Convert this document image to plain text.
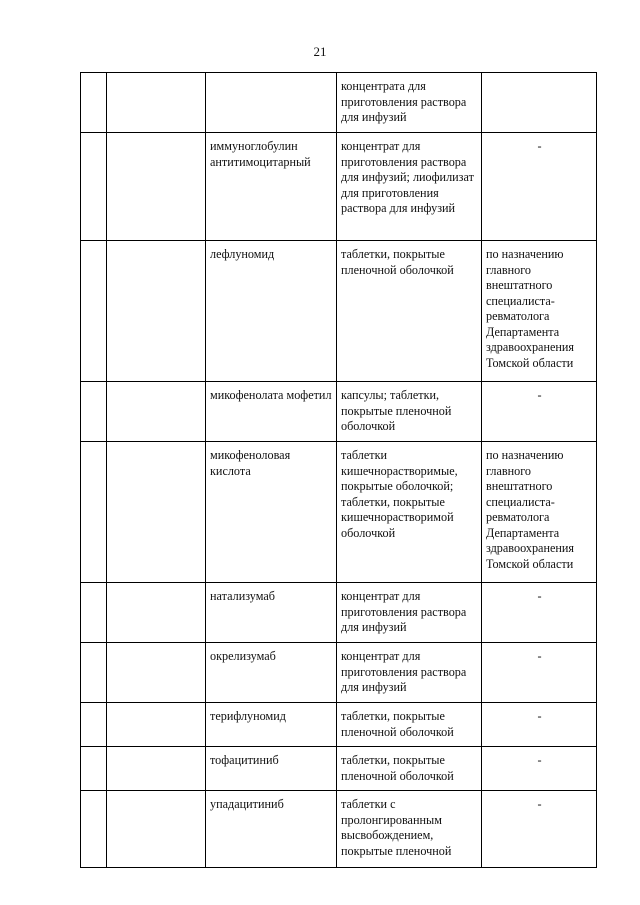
21
			концентрата для приготовления раствора для инфузий	
		иммуноглобулин антитимоцитарный	концентрат для приготовления раствора для инфузий; лиофилизат для приготовления раствора для инфузий	-
		лефлуномид	таблетки, покрытые пленочной оболочкой	по назначению главного внештатного специалиста-ревматолога Департамента здравоохранения Томской области
		микофенолата мофетил	капсулы; таблетки, покрытые пленочной оболочкой	-
		микофеноловая кислота	таблетки кишечнорастворимые, покрытые оболочкой; таблетки, покрытые кишечнорастворимой оболочкой	по назначению главного внештатного специалиста-ревматолога Департамента здравоохранения Томской области
		натализумаб	концентрат для приготовления раствора для инфузий	-
		окрелизумаб	концентрат для приготовления раствора для инфузий	-
		терифлуномид	таблетки, покрытые пленочной оболочкой	-
		тофацитиниб	таблетки, покрытые пленочной оболочкой	-
		упадацитиниб	таблетки с пролонгированным высвобождением, покрытые пленочной	-
